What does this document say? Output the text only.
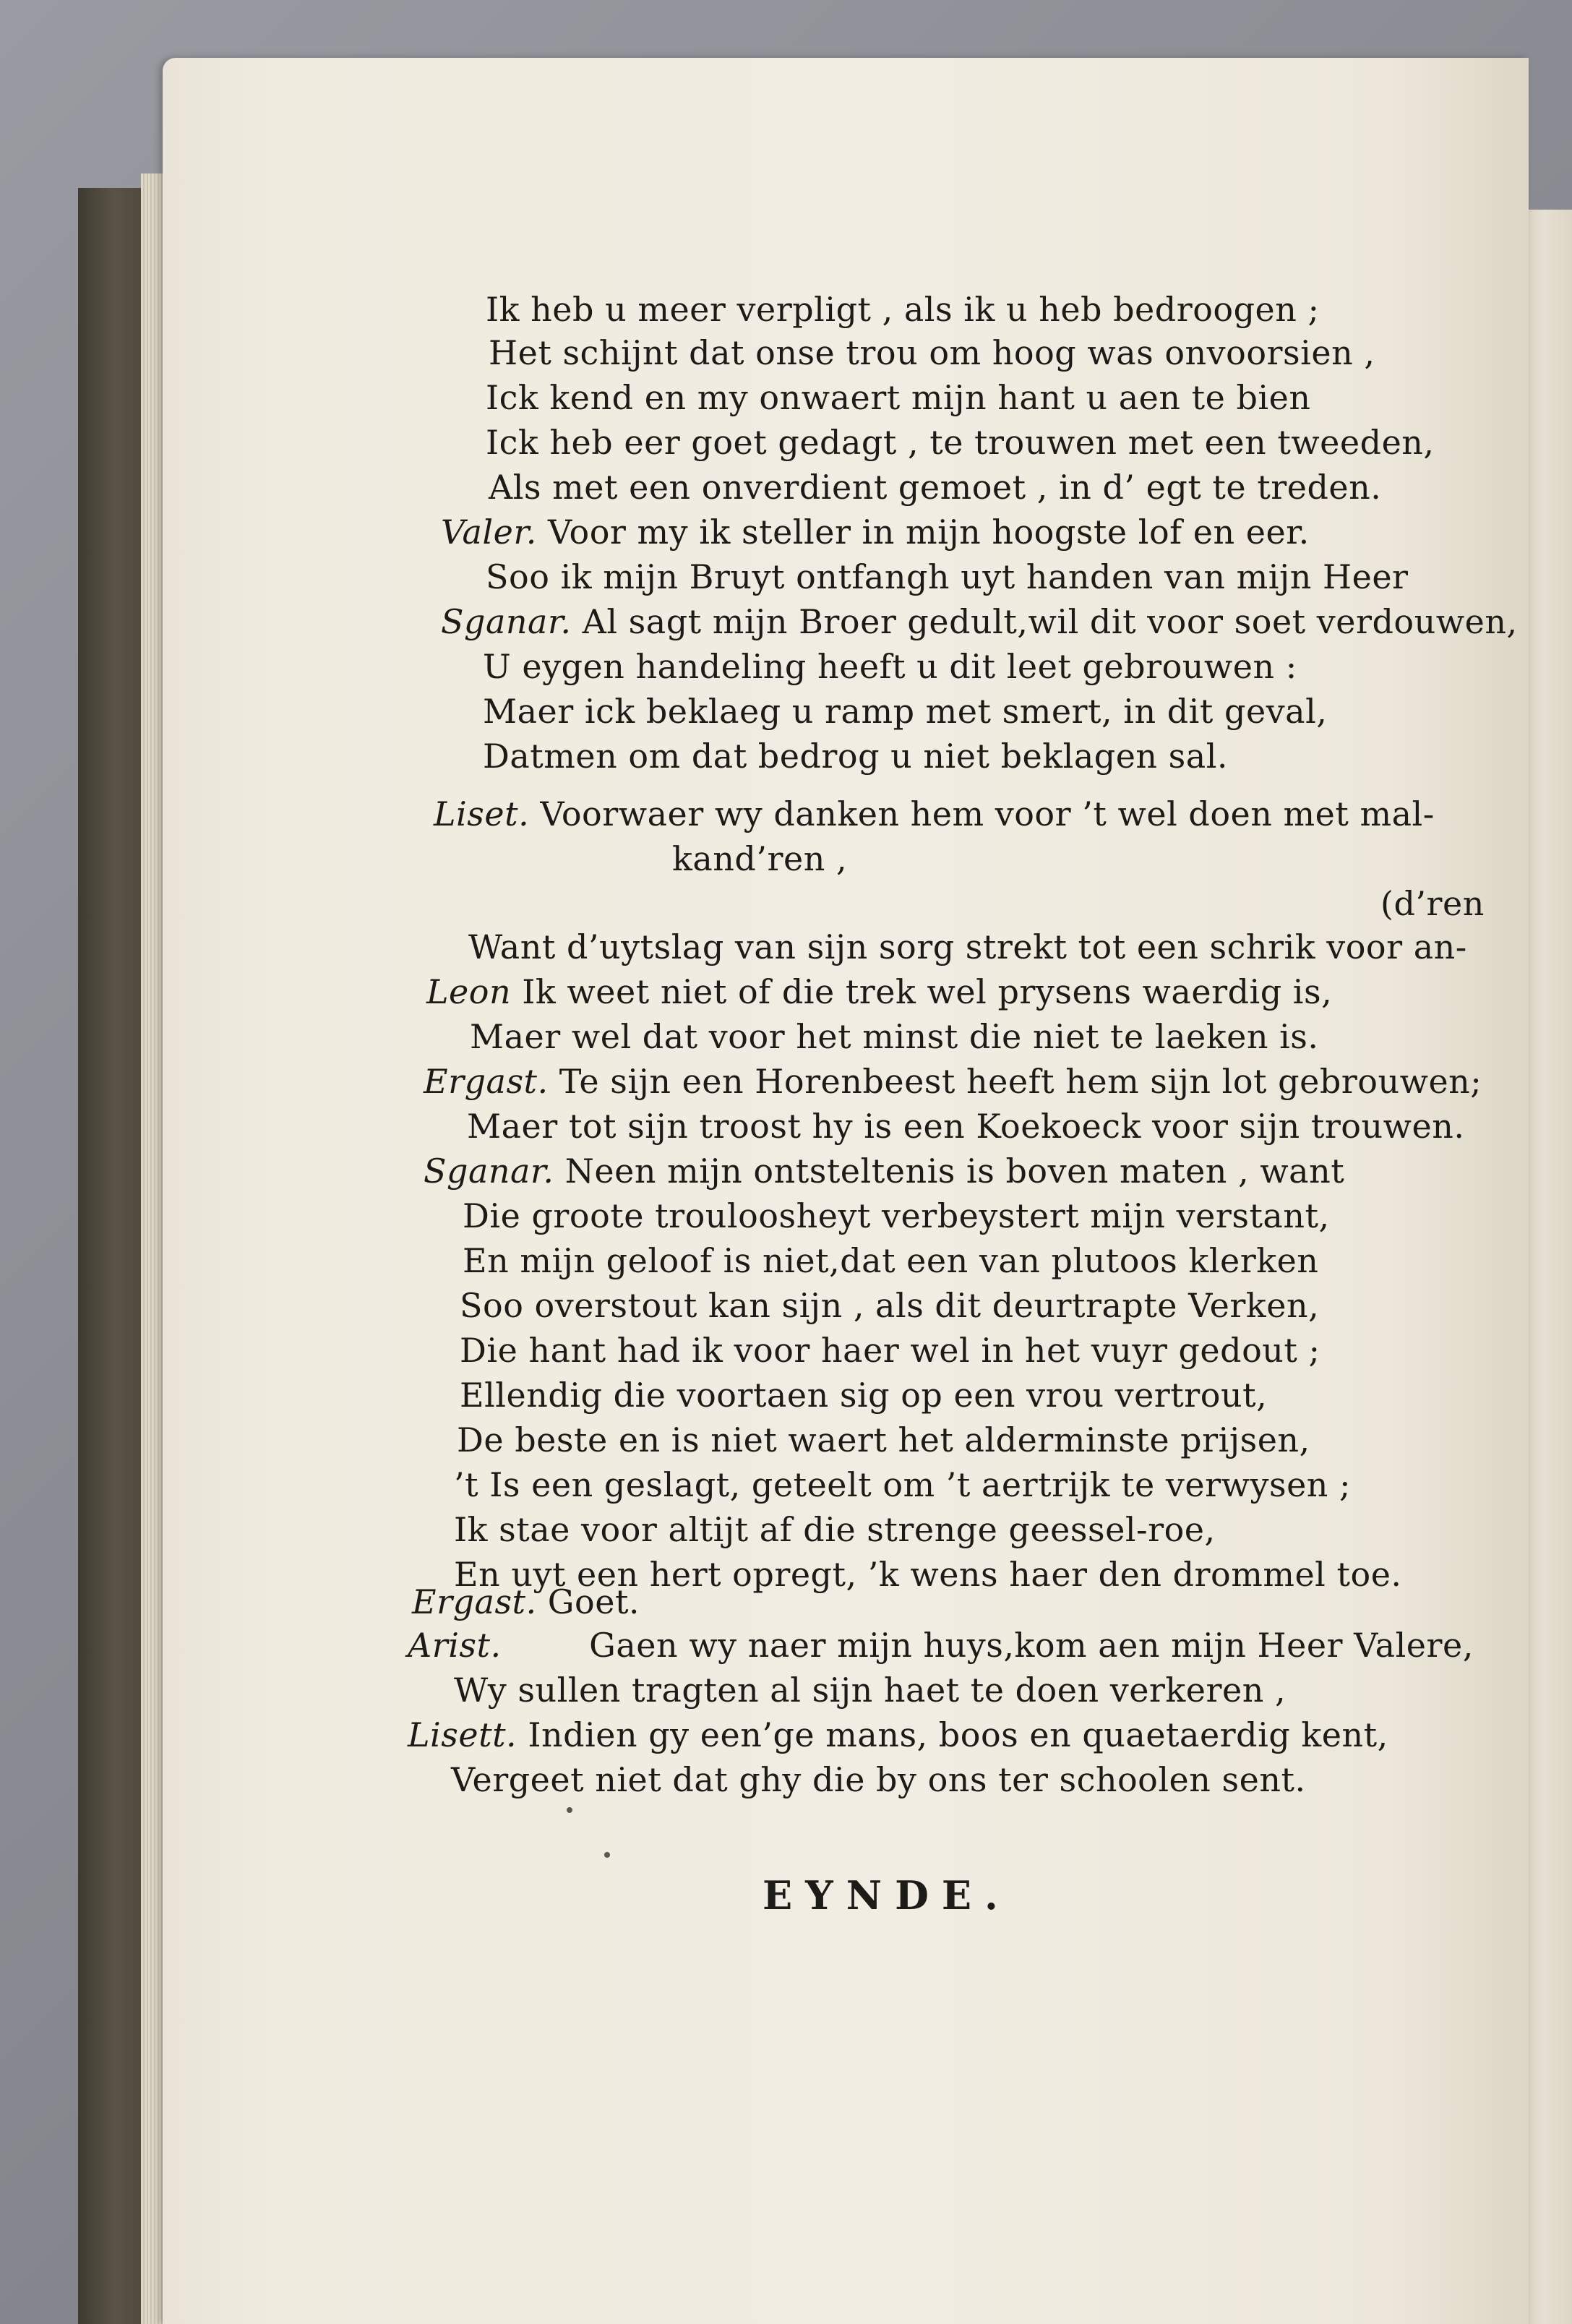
Ik heb u meer verpligt , als ik u heb bedroogen ;
Het schijnt dat onse trou om hoog was onvoorsien ,
Ick kend en my onwaert mijn hant u aen te bien
Ick heb eer goet gedagt , te trouwen met een tweeden,
Als met een onverdient gemoet , in d’ egt te treden.
Valer. Voor my ik steller in mijn hoogste lof en eer.
Soo ik mijn Bruyt ontfangh uyt handen van mijn Heer
Sganar. Al sagt mijn Broer gedult,wil dit voor soet verdouwen,
U eygen handeling heeft u dit leet gebrouwen :
Maer ick beklaeg u ramp met smert, in dit geval,
Datmen om dat bedrog u niet beklagen sal.
Liset. Voorwaer wy danken hem voor ’t wel doen met mal-
kand’ren ,
(d’ren
Want d’uytslag van sijn sorg strekt tot een schrik voor an-
Leon Ik weet niet of die trek wel prysens waerdig is,
Maer wel dat voor het minst die niet te laeken is.
Ergast. Te sijn een Horenbeest heeft hem sijn lot gebrouwen;
Maer tot sijn troost hy is een Koekoeck voor sijn trouwen.
Sganar. Neen mijn ontsteltenis is boven maten , want
Die groote trouloosheyt verbeystert mijn verstant,
En mijn geloof is niet,dat een van plutoos klerken
Soo overstout kan sijn , als dit deurtrapte Verken,
Die hant had ik voor haer wel in het vuyr gedout ;
Ellendig die voortaen sig op een vrou vertrout,
De beste en is niet waert het alderminste prijsen,
’t Is een geslagt, geteelt om ’t aertrijk te verwysen ;
Ik stae voor altijt af die strenge geessel-roe,
En uyt een hert opregt, ’k wens haer den drommel toe.
Ergast. Goet.
Arist.	Gaen wy naer mijn huys,kom aen mijn Heer Valere,
Wy sullen tragten al sijn haet te doen verkeren ,
Lisett. Indien gy een’ge mans, boos en quaetaerdig kent,
Vergeet niet dat ghy die by ons ter schoolen sent.
EYNDE.
